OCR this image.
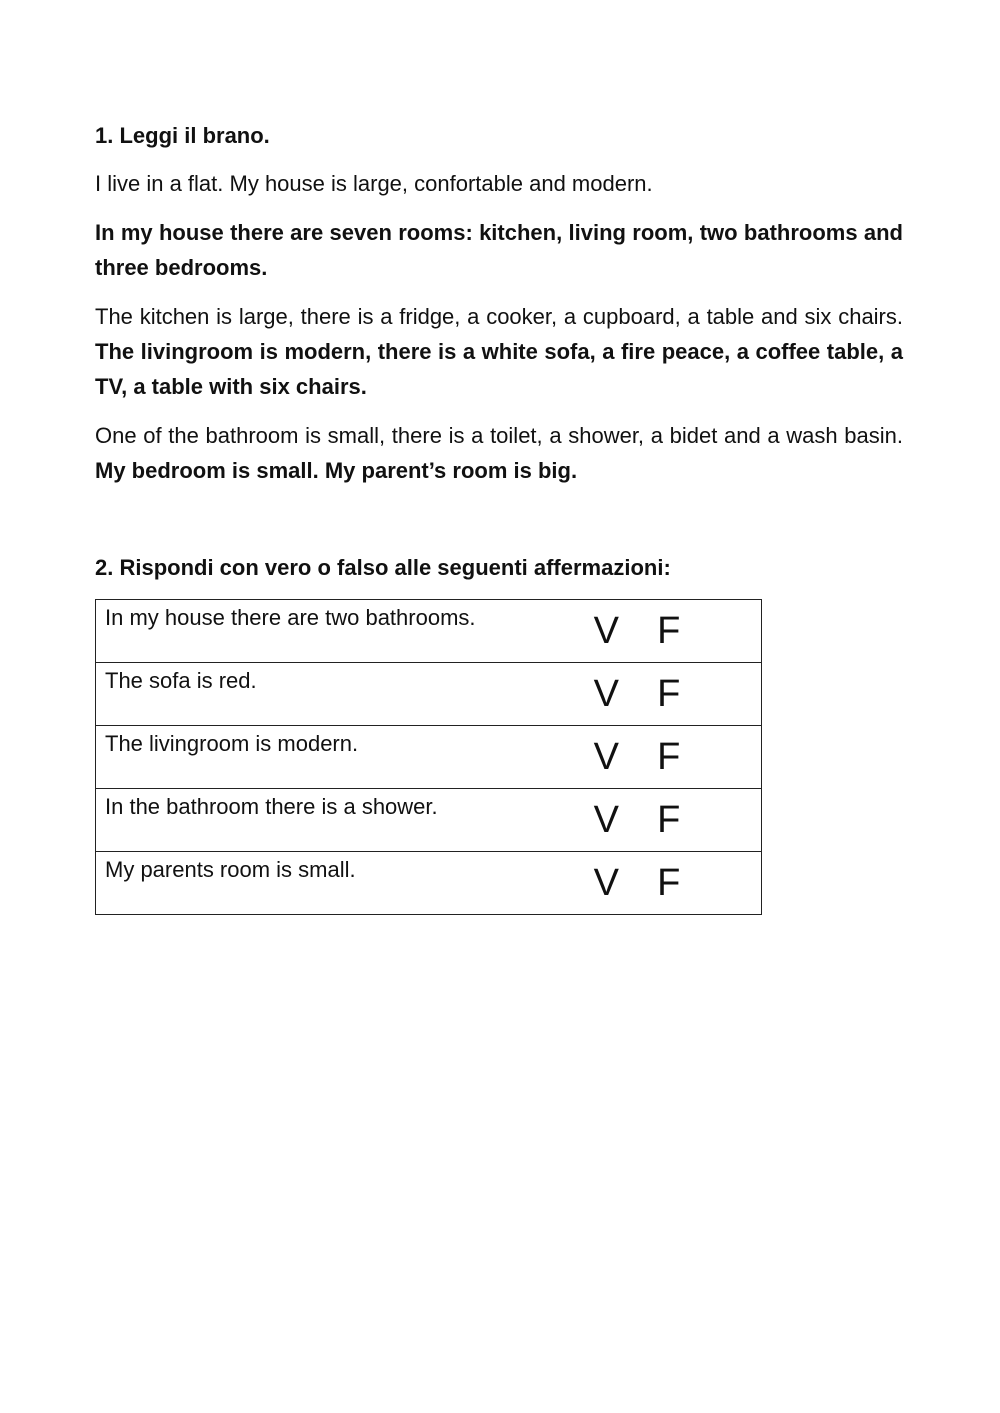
1. Leggi il brano.

I live in a flat. My house is large, confortable and modern.

In my house there are seven rooms: kitchen, living room, two bathrooms and three bedrooms.

The kitchen is large, there is a fridge, a cooker, a cupboard, a table and six chairs. The livingroom is modern, there is a white sofa, a fire peace, a coffee table, a TV, a table with six chairs.

One of the bathroom is small, there is a toilet, a shower, a bidet and a wash basin. My bedroom is small. My parent’s room is big.

2. Rispondi con vero o falso alle seguenti affermazioni:
In my house there are two bathrooms.	V	F	
The sofa is red.	V	F	
The livingroom is modern.	V	F	
In the bathroom there is a shower.	V	F	
My parents room is small.	V	F	
